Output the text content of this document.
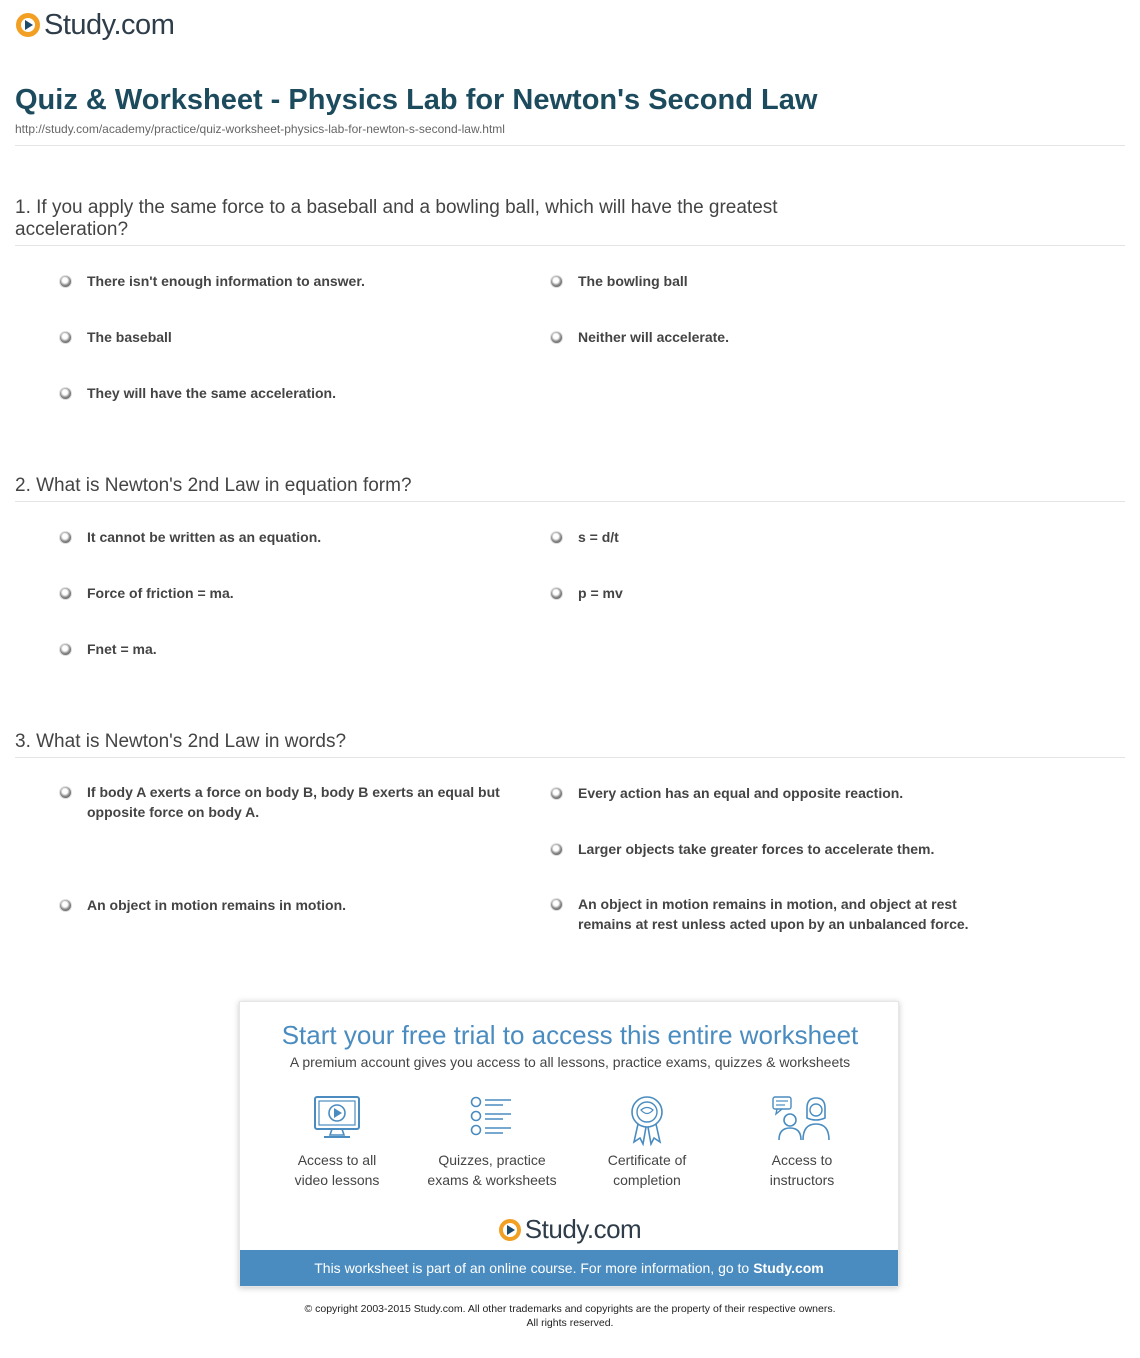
Study.com
Quiz & Worksheet - Physics Lab for Newton's Second Law
http://study.com/academy/practice/quiz-worksheet-physics-lab-for-newton-s-second-law.html
1. If you apply the same force to a baseball and a bowling ball, which will have the greatest acceleration?
There isn't enough information to answer.	The bowling ball
The baseball	Neither will accelerate.
They will have the same acceleration.
2. What is Newton's 2nd Law in equation form?
It cannot be written as an equation.	s = d/t
Force of friction = ma.	p = mv
Fnet = ma.
3. What is Newton's 2nd Law in words?
If body A exerts a force on body B, body B exerts an equal but opposite force on body A.
Every action has an equal and opposite reaction.
Larger objects take greater forces to accelerate them.
An object in motion remains in motion.	An object in motion remains in motion, and object at rest remains at rest unless acted upon by an unbalanced force.
Start your free trial to access this entire worksheet
A premium account gives you access to all lessons, practice exams, quizzes & worksheets
Access to all
video lessons
Quizzes, practice
exams & worksheets
Certificate of
completion
Access to
instructors
Study.com
This worksheet is part of an online course. For more information, go to Study.com
© copyright 2003-2015 Study.com. All other trademarks and copyrights are the property of their respective owners.
All rights reserved.
